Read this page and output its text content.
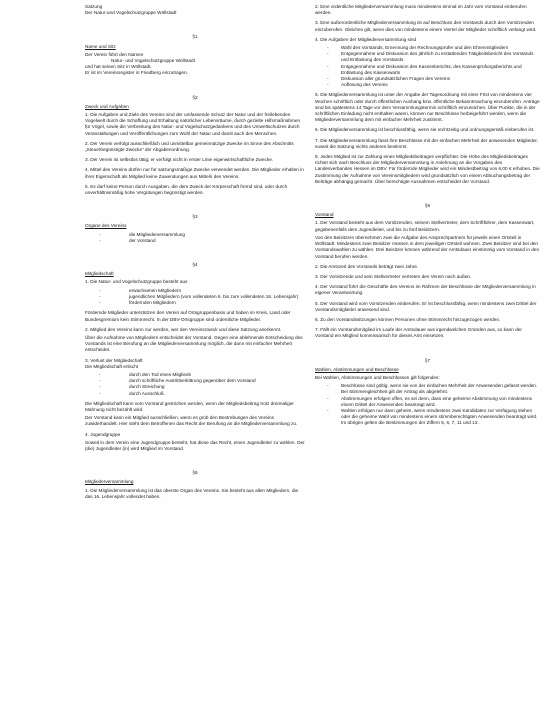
Satzung
Der Natur-und Vogelschutzgruppe Wöllstadt

§1
Name und Sitz

Der Verein führt den Namen
Natur- und Vogelschutzgruppe Wöllstadt
und hat seinen Sitz in Wöllstadt.
Er ist im Vereinsregister in Friedberg einzutragen.

§2
Zweck und Aufgaben

1. Die Aufgaben und Ziele des Vereins sind der umfassende Schutz der Natur und der freilebenden Vogelwelt durch die Schaffung und Erhaltung natürlicher Lebensräume, durch gezielte Hilfsmaßnahmen für Vögel, sowie die Verbreitung des Natur- und Vogelschutzgedankens und des Umweltschutzes durch Veranstaltungen und Veröffentlichungen zum Wohl der Natur und damit auch des Menschen.

2. Der Verein verfolgt ausschließlich und unmittelbar gemeinnützige Zwecke im Sinne des Abschnitts „Steuerbegünstigte Zwecke“ der Abgabenordnung.

3. Der Verein ist selbstlos tätig; er verfolgt nicht in erster Linie eigenwirtschaftliche Zwecke.

4. Mittel des Vereins dürfen nur für satzungsmäßige Zwecke verwendet werden. Die Mitglieder erhalten in ihrer Eigenschaft als Mitglied keine Zuwendungen aus Mitteln des Vereins.

5. Es darf keine Person durch Ausgaben, die dem Zweck der Körperschaft fremd sind, oder durch unverhältnismäßig hohe Vergütungen begünstigt werden.

§3
Organe des Vereins
- die Mitgliederversammlung
- der Vorstand
§4
Mitgliedschaft

1. Die Natur- und Vogelschutzgruppe besteht aus

- erwachsenen Mitgliedern
- jugendlichen Mitgliedern (vom vollendeten 6. bis zum vollendeten 16. Lebensjahr)
- fördernden Mitgliedern

Fördernde Mitglieder unterstützen den Verein auf Ortsgruppenbasis und haben im Kreis, Land oder Bundesgremium kein Stimmrecht. In der DBV-Ortsgruppe sind ordentliche Mitglieder.

2. Mitglied des Vereins kann nur werden, wer den Vereinszweck und diese Satzung anerkennt.

Über die Aufnahme von Mitgliedern entscheidet der Vorstand. Gegen eine ablehnende Entscheidung des Vorstands ist eine Berufung an die Mitgliederversammlung möglich, die dann mit einfacher Mehrheit entscheidet.

3. Verlust der Mitgliedschaft
Die Mitgliedschaft erlischt

- durch den Tod eines Mitglieds
- durch schriftliche Austrittserklärung gegenüber dem Vorstand
- durch Streichung
- durch Ausschluß.

Die Mitgliedschaft kann vom Vorstand gestrichen werden, wenn der Mitgliedsbeitrag trotz dreimaliger Mahnung nicht bezahlt wird.

Der Vorstand kann ein Mitglied ausschließen, wenn es grob den Bestrebungen des Vereins zuwiderhandelt. Hier steht dem Betroffenen das Recht der Berufung an die Mitgliederversammlung zu.

4. Jugendgruppe

Soweit in dem Verein eine Jugendgruppe besteht, hat diese das Recht, einen Jugendleiter zu wählen. Der (die) Jugendleiter (in) wird Mitglied im Vorstand.

§5
Mitgliederversammlung

1. Die Mitgliederversammlung ist das oberste Organ des Vereins. Sie besteht aus allen Mitgliedern, die das 16. Lebensjahr vollendet haben.

2. Eine ordentliche Mitgliederversammlung muss mindestens einmal im Jahr vom Vorstand einberufen werden.

3. Eine außerordentliche Mitgliederversammlung ist auf Beschluss des Vorstands durch den Vorsitzenden einzuberufen. Gleiches gilt, wenn dies von mindestens einem Viertel der Mitglieder schriftlich verlangt wird.

4. Die Aufgaben der Mitgliederversammlung sind

- Wahl des Vorstands, Ernennung der Rechnungsprüfer und den Ehrenmitgliedern
- Entgegennahme und Diskussion des jährlich zu erstattenden Tätigkeitsbericht des Vorstands und Entlastung des Vorstands
- Entgegennahme und Diskussion des Kassenberichts, des Kassenprüfungsberichts und Entlastung des Kassenwarts
- Diskussion aller grundsätzlichen Fragen des Vereins
- Auflösung des Vereins

5. Die Mitgliederversammlung ist unter der Angabe der Tagesordnung mit einer Frist von mindestens vier Wochen schriftlich oder durch öffentlichen Aushang bzw. öffentliche Bekanntmachung einzuberufen. Anträge sind bis spätestens 14 Tage vor dem Versammlungstermin schriftlich einzureichen. Über Punkte, die in der schriftlichen Einladung nicht enthalten waren, können nur Beschlüsse herbeigeführt werden, wenn die Mitgliederversammlung dem mit einfacher Mehrheit zustimmt.

6. Die Mitgliederversammlung ist beschlussfähig, wenn sie rechtzeitig und ordnungsgemäß einberufen ist.

7. Die Mitgliederversammlung fasst ihre Beschlüsse mit der einfachen Mehrheit der anwesenden Mitglieder, soweit die Satzung nichts anderes bestimmt.

8. Jedes Mitglied ist zur Zahlung eines Mitgliedsbeitrages verpflichtet. Die Höhe des Mitgliedsbeitrages richtet sich nach Beschluss der Mitgliederversammlung in Anlehnung an die Vorgaben des Landesverbandes Hessen im DBV. Für fördernde Mitglieder wird ein Mindestbeitrag von 6,00 € erhoben. Die Zustimmung der Aufnahme von Vereinsmitgliedern wird grundsätzlich von einem Abbuchungsbetrag der Beiträge abhängig gemacht. Über berechtigte Ausnahmen entscheidet der Vorstand.

§6
Vorstand

1. Der Vorstand besteht aus dem Vorsitzenden, seinem Stellvertreter, dem Schriftführer, dem Kassenwart, gegebenenfalls dem Jugendleiter, und bis zu fünf Beisitzern.

Von den Beisitzern übernehmen zwei die Aufgabe des Ansprechpartners für jeweils einen Ortsteil in Wöllstadt. Mindestens zwei Beisitzer müssen in dem jeweiligen Ortsteil wohnen. Zwei Beisitzer sind bei den Vorstandswahlen zu wählen. Drei Beisitzer können während der Amtsdauer einstimmig vom Vorstand in den Vorstand berufen werden.

2. Die Amtszeit des Vorstands beträgt zwei Jahre.

3. Der Vorsitzende und sein Stellvertreter vertreten den Verein nach außen.

4. Der Vorstand führt die Geschäfte des Vereins im Rahmen der Beschlüsse der Mitgliederversammlung in eigener Verantwortung.

5. Der Vorstand wird vom Vorsitzenden einberufen. Er ist beschlussfähig, wenn mindestens zwei Drittel der Vorstandsmitglieder anwesend sind.

6. Zu den Vorstandssitzungen können Personen ohne Stimmrecht hinzugezogen werden.

7. Fällt ein Vorstandsmitglied im Laufe der Amtsdauer aus irgendwelchen Gründen aus, so kann der Vorstand ein Mitglied kommissarisch für dieses Amt einsetzen.

§7
Wahlen, Abstimmungen und Beschlüsse

Bei Wahlen, Abstimmungen und Beschlüssen gilt folgendes:

- Beschlüsse sind gültig, wenn sie von der einfachen Mehrheit der Anwesenden gefasst werden. Bei Stimmengleichheit gilt der Antrag als abgelehnt.
- Abstimmungen erfolgen offen, es sei denn, dass eine geheime Abstimmung von mindestens einem Drittel der Anwesenden beantragt wird.
- Wahlen erfolgen nur dann geheim, wenn mindestens zwei Kandidaten zur Verfügung stehen oder die geheime Wahl von mindestens einem stimmberechtigten Anwesenden beantragt wird. Im übrigen gelten die Bestimmungen der Ziffern 5, 6, 7, 11 und 13.
